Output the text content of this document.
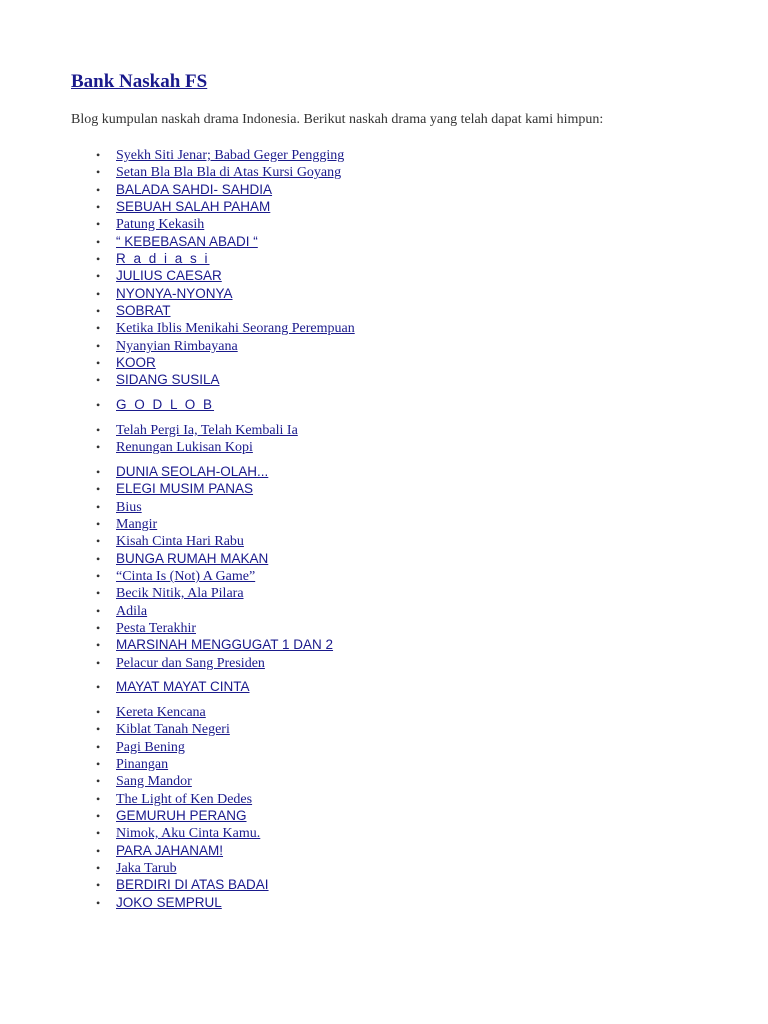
Bank Naskah FS

Blog kumpulan naskah drama Indonesia. Berikut naskah drama yang telah dapat kami himpun:

• Syekh Siti Jenar; Babad Geger Pengging
• Setan Bla Bla Bla di Atas Kursi Goyang
• BALADA SAHDI- SAHDIA
• SEBUAH SALAH PAHAM
• Patung Kekasih
• “ KEBEBASAN ABADI “
• R a d i a s i
• JULIUS CAESAR
• NYONYA-NYONYA
• SOBRAT
• Ketika Iblis Menikahi Seorang Perempuan
• Nyanyian Rimbayana
• KOOR
• SIDANG SUSILA
• G O D L O B
• Telah Pergi Ia, Telah Kembali Ia
• Renungan Lukisan Kopi
• DUNIA SEOLAH-OLAH...
• ELEGI MUSIM PANAS
• Bius
• Mangir
• Kisah Cinta Hari Rabu
• BUNGA RUMAH MAKAN
• “Cinta Is (Not) A Game”
• Becik Nitik, Ala Pilara
• Adila
• Pesta Terakhir
• MARSINAH MENGGUGAT 1 DAN 2
• Pelacur dan Sang Presiden
• MAYAT MAYAT CINTA
• Kereta Kencana
• Kiblat Tanah Negeri
• Pagi Bening
• Pinangan
• Sang Mandor
• The Light of Ken Dedes
• GEMURUH PERANG
• Nimok, Aku Cinta Kamu.
• PARA JAHANAM!
• Jaka Tarub
• BERDIRI DI ATAS BADAI
• JOKO SEMPRUL
